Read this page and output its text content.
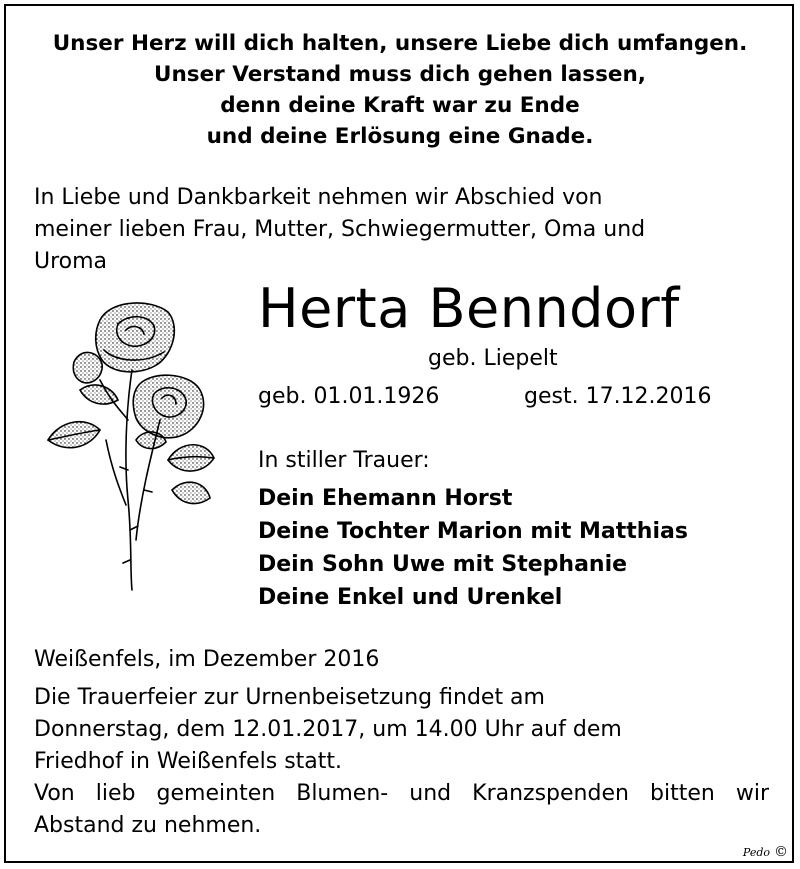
Unser Herz will dich halten, unsere Liebe dich umfangen.
Unser Verstand muss dich gehen lassen,
denn deine Kraft war zu Ende
und deine Erlösung eine Gnade.
In Liebe und Dankbarkeit nehmen wir Abschied von
meiner lieben Frau, Mutter, Schwiegermutter, Oma und
Uroma
Herta Benndorf
geb. Liepelt
geb. 01.01.1926	gest. 17.12.2016
In stiller Trauer:
Dein Ehemann Horst
Deine Tochter Marion mit Matthias
Dein Sohn Uwe mit Stephanie
Deine Enkel und Urenkel
Weißenfels, im Dezember 2016
Die Trauerfeier zur Urnenbeisetzung findet am
Donnerstag, dem 12.01.2017, um 14.00 Uhr auf dem
Friedhof in Weißenfels statt.
Von lieb gemeinten Blumen- und Kranzspenden bitten wir
Abstand zu nehmen.
Pedo ©
